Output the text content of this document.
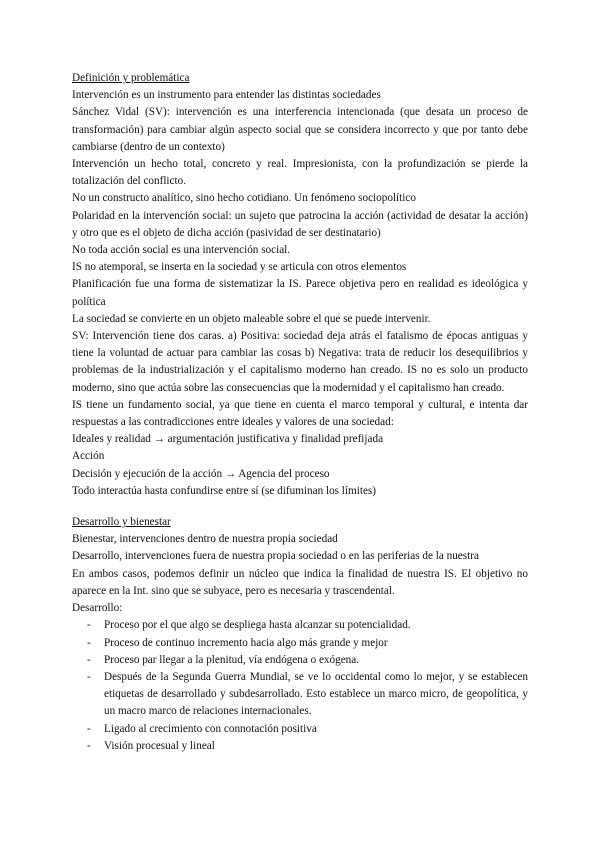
Definición y problemática

Intervención es un instrumento para entender las distintas sociedades

Sánchez Vidal (SV): intervención es una interferencia intencionada (que desata un proceso de transformación) para cambiar algún aspecto social que se considera incorrecto y que por tanto debe cambiarse (dentro de un contexto)

Intervención un hecho total, concreto y real. Impresionista, con la profundización se pierde la totalización del conflicto.

No un constructo analítico, sino hecho cotidiano. Un fenómeno sociopolítico

Polaridad en la intervención social: un sujeto que patrocina la acción (actividad de desatar la acción) y otro que es el objeto de dicha acción (pasividad de ser destinatario)

No toda acción social es una intervención social.

IS no atemporal, se inserta en la sociedad y se articula con otros elementos

Planificación fue una forma de sistematizar la IS. Parece objetiva pero en realidad es ideológica y política

La sociedad se convierte en un objeto maleable sobre el que se puede intervenir.

SV: Intervención tiene dos caras. a) Positiva: sociedad deja atrás el fatalismo de épocas antiguas y tiene la voluntad de actuar para cambiar las cosas b) Negativa: trata de reducir los desequilibrios y problemas de la industrialización y el capitalismo moderno han creado. IS no es solo un producto moderno, sino que actúa sobre las consecuencias que la modernidad y el capitalismo han creado.

IS tiene un fundamento social, ya que tiene en cuenta el marco temporal y cultural, e intenta dar respuestas a las contradicciones entre ideales y valores de una sociedad:

Ideales y realidad → argumentación justificativa y finalidad prefijada

Acción

Decisión y ejecución de la acción → Agencia del proceso

Todo interactúa hasta confundirse entre sí (se difuminan los límites)

Desarrollo y bienestar

Bienestar, intervenciones dentro de nuestra propia sociedad

Desarrollo, intervenciones fuera de nuestra propia sociedad o en las periferias de la nuestra

En ambos casos, podemos definir un núcleo que indica la finalidad de nuestra IS. El objetivo no aparece en la Int. sino que se subyace, pero es necesaria y trascendental.

Desarrollo:

- Proceso por el que algo se despliega hasta alcanzar su potencialidad.
- Proceso de continuo incremento hacia algo más grande y mejor
- Proceso par llegar a la plenitud, vía endógena o exógena.
- Después de la Segunda Guerra Mundial, se ve lo occidental como lo mejor, y se establecen etiquetas de desarrollado y subdesarrollado. Esto establece un marco micro, de geopolítica, y un macro marco de relaciones internacionales.
- Ligado al crecimiento con connotación positiva
- Visión procesual y lineal
